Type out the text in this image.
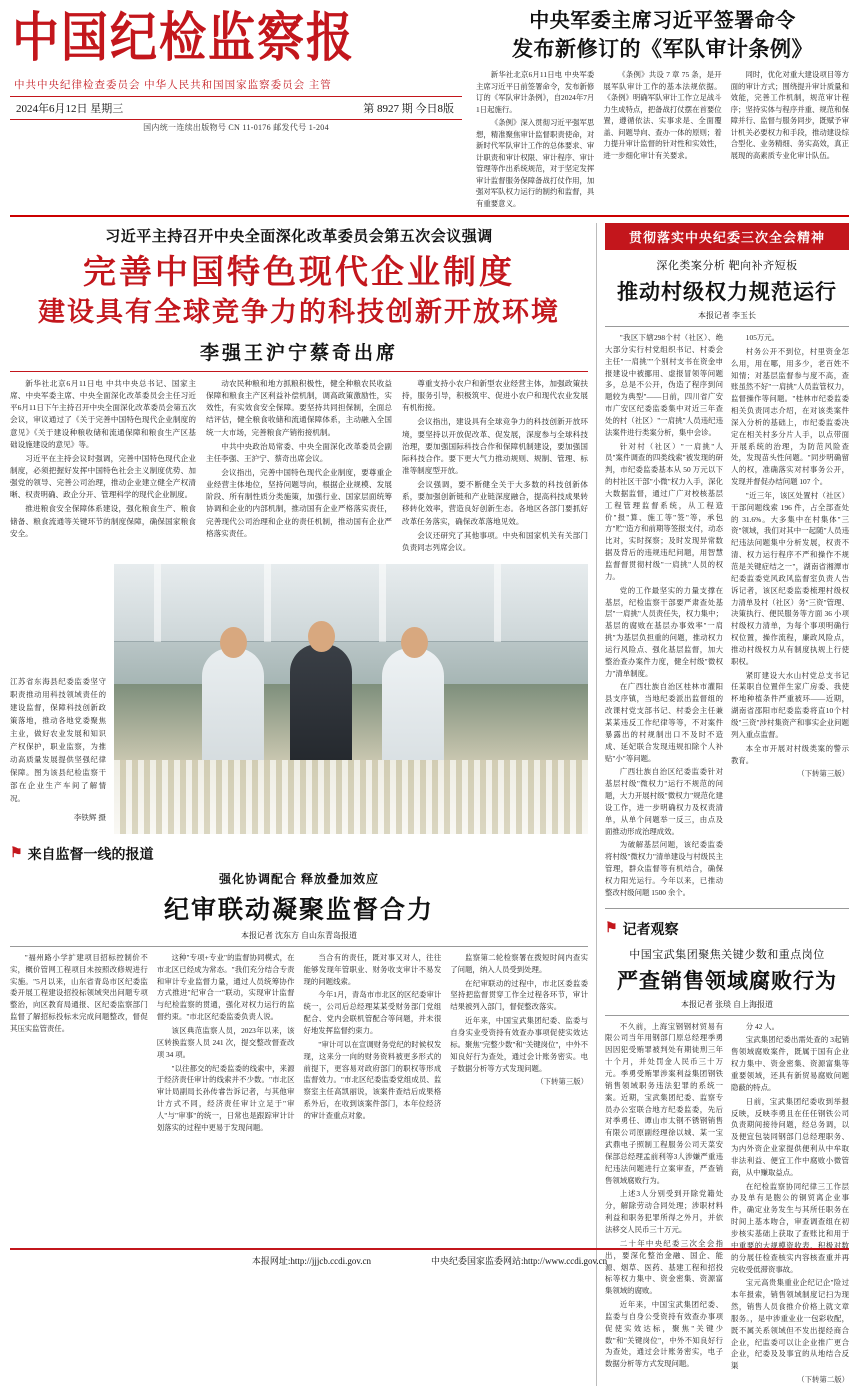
中国纪检监察报
中共中央纪律检查委员会 中华人民共和国国家监察委员会 主管
2024年6月12日 星期三	第 8927 期 今日8版
国内统一连续出版物号 CN 11-0176 邮发代号 1-204
中央军委主席习近平签署命令
发布新修订的《军队审计条例》

新华社北京6月11日电 中央军委主席习近平日前签署命令，发布新修订的《军队审计条例》，自2024年7月1日起施行。

《条例》深入贯彻习近平强军思想，精准聚焦审计监督职责使命，对新时代军队审计工作的总体要求、审计职责和审计权限、审计程序、审计管理等作出系统规范，对于坚定发挥审计监督服务保障备战打仗作用，加强对军队权力运行的制约和监督，具有重要意义。

《条例》共设 7 章 75 条，是开展军队审计工作的基本法规依据。《条例》明确军队审计工作立足战斗力生成特点，把备战打仗摆在首要位置，遵循依法、实事求是、全面覆盖、问题导向、查办一体的原则；着力提升审计监督的针对性和实效性，进一步细化审计有关要求。

同时，优化对重大建设项目等方面的审计方式；围绕提升审计质量和效能，完善工作机制，规范审计程序；坚持实体与程序并重、规范和保障并行、监督与服务同步，既赋予审计机关必要权力和手段，推动建设综合型化、业务精细、务实高效，真正展现的高素质专业化审计队伍。

习近平主持召开中央全面深化改革委员会第五次会议强调
完善中国特色现代企业制度
建设具有全球竞争力的科技创新开放环境
李强王沪宁蔡奇出席

新华社北京6月11日电 中共中央总书记、国家主席、中央军委主席、中央全面深化改革委员会主任习近平6月11日下午主持召开中央全面深化改革委员会第五次会议，审议通过了《关于完善中国特色现代企业制度的意见》《关于建设种粮收储和流通保障和粮食生产区基础设施建设的意见》等。

习近平在主持会议时强调，完善中国特色现代企业制度，必须把握好发挥中国特色社会主义制度优势、加强党的领导、完善公司治理，推动企业建立健全产权清晰、权责明确、政企分开、管理科学的现代企业制度。

推进粮食安全保障体系建设，强化粮食生产、粮食储备、粮食流通等关键环节的制度保障，确保国家粮食安全。

动农民种粮和地方抓粮积极性，健全种粮农民收益保障和粮食主产区利益补偿机制，调高政策激励性，实效性，有实效食安全保障。要坚持共同担保制，全面总结评估，健全粮食收储和流通保障体系，主动融入全国统一大市场，完善粮食产销衔接机制。

中共中央政治局常委、中央全面深化改革委员会副主任李强、王沪宁、蔡奇出席会议。

会议指出，完善中国特色现代企业制度，要尊重企业经营主体地位，坚持问题导向，根据企业规模、发展阶段、所有制性质分类施策，加强行业、国家层面统筹协调和企业的内部机制，推动国有企业严格落实责任，完善现代公司治理和企业的责任机制，推动国有企业严格落实责任。

尊重支持小农户和新型农业经营主体，加强政策扶持，服务引导，积极筑牢、促进小农户和现代农业发展有机衔接。

会议指出，建设具有全球竞争力的科技创新开放环境，要坚持以开放促改革、促发展，深度参与全球科技治理，要加强国际科技合作和保障机制建设，要加强国际科技合作。要下更大气力推动规则、规制、管理、标准等制度型开放。

会议强调，要不断健全关于大多数的科技创新体系，要加强创新链和产业链深度融合，提高科技成果转移转化效率，营造良好创新生态。各地区各部门要抓好改革任务落实，确保改革落地见效。

会议还研究了其他事项。中央和国家机关有关部门负责同志列席会议。

江苏省东海县纪委监委坚守职责推动用科技领域责任的建设监督，保障科技创新政策落地，推动各地党委聚焦主业，做好农业发展和知识产权保护，职业监察，为推动高质量发展提供坚强纪律保障。图为该县纪检监察干部在企业生产车间了解情况。
李铁辉 摄
⚑ 来自监督一线的报道
强化协调配合 释放叠加效应
纪审联动凝聚监督合力
本报记者 沈东方 自山东青岛报道

"福州路小学扩建项目招标控制价不实，概价管网工程项目未按照改修规进行实施。"5月以来，山东省青岛市区纪委监委开展工程建设招投标领域突出问题专项整治，向区教育局通报、区纪委监察部门监督了解招标投标未完成问题整改，督促其压实监管责任。

这种"专项+专业"的监督协同模式，在市北区已经成为常态。"我们充分结合专责和审计专业监督力量，通过人员统筹协作方式推进"纪审合一"联动，实现审计监督与纪检监察的贯通，强化对权力运行的监督约束。"市北区纪委监委负责人说。

该区典范监察人员，2023年以来，该区转换监察人员 241 次，提交整改督查改项 34 项。

"以往都交的纪委监委的线索中，来源于经济责任审计的线索并不少数。"市北区审计局副局长孙传睿告诉记者，与其他审计方式不同，经济责任审计立足于"审人"与"审事"的统一，日常也是跟踪审计计划落实的过程中更易于发现问题。

当合有的责任，既对事又对人，往往能够发现年管职业、财务收支审计不易发现的问题线索。

今年1月，青岛市市北区的区纪委审计统一，公司后总经理某某受财务部门党组配合、党内会联机管配合等问题，并未很好地发挥监督约束力。

"审计可以在宣调财务党纪的时候权发现，这来分一向的财务资料被更多形式的前提下，更容易对政府部门的职权等形成监督效力。"市北区纪委监委党组成员、监察室主任高凯丽说，该案件查结后成果格系外后，在收到该案件部门，本年位经济的审计查重点对象。

监察第二轮检察署在拨短时间内查实了问题，纳入人员受到处理。

在纪审联动的过程中，市北区委监委坚持把监督贯穿工作全过程各环节，审计结果被列入部门，督促整改落实。

近年来，中国宝武集团纪委、监委与自身实业受资持有效查办事项促使实效达标。聚焦"完整少数"和"关键岗位"，中外不知良好行为查处，通过会计账务密实。电子数据分析等方式发现问题。

（下转第三版）
贯彻落实中央纪委三次全会精神
深化类案分析 靶向补齐短板
推动村级权力规范运行
本报记者 李玉长

"我区下辖298个村（社区）、绝大部分实行村党组织书记、村委会主任"一肩挑""个别村支书在资金申报建设中被挪用、虚报冒领等问题多，总是不公开，伪造了程序到问题较为典型"——日前，四川省广安市广安区纪委监委集中对近三年查处的村（社区）"一肩挑"人员违纪违法案件进行类案分析，集中会诊。

针对村（社区）"一肩挑"人员"案件调查的四类线索"被发现的研判，市纪委监委基本从 50 万元以下的村社区干部"小微"权力入手，深化大数据监督，通过广广对校核基层工程管理监督系统，从工程造价"报"算、施工等"签"等，承包方"贮"造方和前期等签报支付，动态比对，实时探察；及时发现异常数据及背后的违规违纪问题，用智慧监督督贯彻村级"一肩挑"人员的权力。

党的工作最坚实的力量支撑在基层，纪检监察干部要严肃查处基层"一肩挑"人员责任失，权力集中；基层的腐败在基层办事效率"一肩挑"为基层负担重的问题，推动权力运行风险点、强化基层监督，加大整治查办案件力度，健全村级"微权力"清单制度。

在广西壮族自治区桂林市灌阳县支序镇，当地纪委派出监督组的改课村党支部书记、村委会主任兼某某违反工作纪律等等，不对案件暴露出的村规制出口不及时不造成、延妃联合发现违规扣除个人补贴"小"等问题。

广西壮族自治区纪委监委针对基层村级"微权力"运行不规范的问题，大力开展村级"微权力"规范化建设工作，进一步明确权力及权责清单，从单个问题举一反三，由点及面推动形成治理成效。

为破解基层问题，该纪委监委将村级"微权力"清单建设与村级民主管理，群众监督等有机结合，确保权力阳光运行。今年以来，已推动整改村级问题 1500 余个。

105万元。

村务公开不到位，村里资金怎么用，用在哪，用多少，老百姓不知情；对基层监督参与度不高，查账虽然不好"一肩挑"人员监管权力，监督操作等问题。"桂林市纪委监委相关负责同志介绍，在对该类案件深入分析的基础上，市纪委监委决定在相关村多分片人手，以点带面开展系统的治理，为防范风险查处，发现苗头性问题。"同步明确留人的权，准确落实对村事务公开，发现并督促办结问题 107 个。

"近三年，该区处置村（社区）干部问题线索 196 件，占全部查处的 31.6%。大多集中在村集体"三资"领域，我们对其中一起随"人员违纪违法问题集中分析发展，权责不清、权力运行程序不严和操作不规范是关键症结之一"，湖南省湘潭市纪委监委党风政风监督室负责人告诉记者，该区纪委监委梳理村级权力清单及村（社区）务"三资"管理、决策执行、便民服务等方面 36 小项村级权力清单，为每个事项明确行权位置，操作流程，廉政风险点，推动村级权力从有制度执规上行使职权。

紧盯建设大水山村党总支书记任某职自位置伴生家广房委、我使杯地种植条件严重被环——近期，湖南省邵阳市纪委监委将直10个村级"三资"涉村集资产和事实企业问题列入重点监督。

本全市开展对村级类案的警示教育。

（下转第三版）
⚑ 记者观察
中国宝武集团聚焦关键少数和重点岗位
严查销售领域腐败行为
本报记者 张琰 自上海报道

不久前，上海宝钢钢材贸易有限公司当年用钢部门原总经理季勇因因犯受贿罪被判处有期徒刑三年十个月，并处罚金人民币三十万元。季勇受贿罪涉案利益集团钢铁销售领域职务违法犯罪的系统一案。近期，宝武集团纪委、监察专员办公室联合地方纪委监委，先后对季勇任、谭山市太钢不锈钢销售有限公司原副经理徐以城、某一宝武鼎电子照制工程服务公司天菜安保部总经理孟前利等3人涉嫌严重违纪违法问题进行立案审查，严查销售领域腐败行为。

上述3人分别受到开除党籍处分，解除劳动合同处理；涉职材料利益和职务犯罪所得之外月，并依法移交人民币三十万元。

二十年中央纪委三次全会指出，要深化整治金融、国企、能源、烟草、医药、基建工程和招投标等权力集中、资金密集、资源富集领域的腐败。

近年来，中国宝武集团纪委、监委与自身公受资持有效查办事项促使实效达标，聚焦"关键少数"和"关键岗位"，中外不知良好行为查处，通过会计账务密实，电子数据分析等方式发现问题。

分 42 人。

宝武集团纪委出需处查的 3起销售领域腐败案件，既属于国有企业权力集中、资金密集、资源富集等重要领域，还具有新贸易腐败问题隐蔽的特点。

日前，宝武集团纪委收到举报反映，反映李勇且在任任钢铁公司负责期间接待问题，经总务调，以及便宜包装同钢部门总经理职务、为内外资企业家提供便利从中牟取非法利益、便宜工作中腐败小微管商，从中赚取益点。

在纪检监察协同纪律三工作层办及单有是胞公的铜贸离企业事件，确定业务发生与其所任职务在时间上基本吻合，审查调查组在初步核实基础上获取了查账比和用于中重要的大规模资收表，积极对数的分展任检查核实内容核查重并再完收受低滞资事故。

宝元高贵集重业企纪记企"险过本年报索，销售领域制度记扫为现然，销售人员食推介价格上就文章服务。，是中涉重业业一包彩收配，既不属关系领域但不发出提经商合企业，纪监委可以让企业推广更合企业，纪委及及事宜的从地结合反渠

（下转第二版）
本报网址:http://jjjcb.ccdi.gov.cn	中央纪委国家监委网站:http://www.ccdi.gov.cn
